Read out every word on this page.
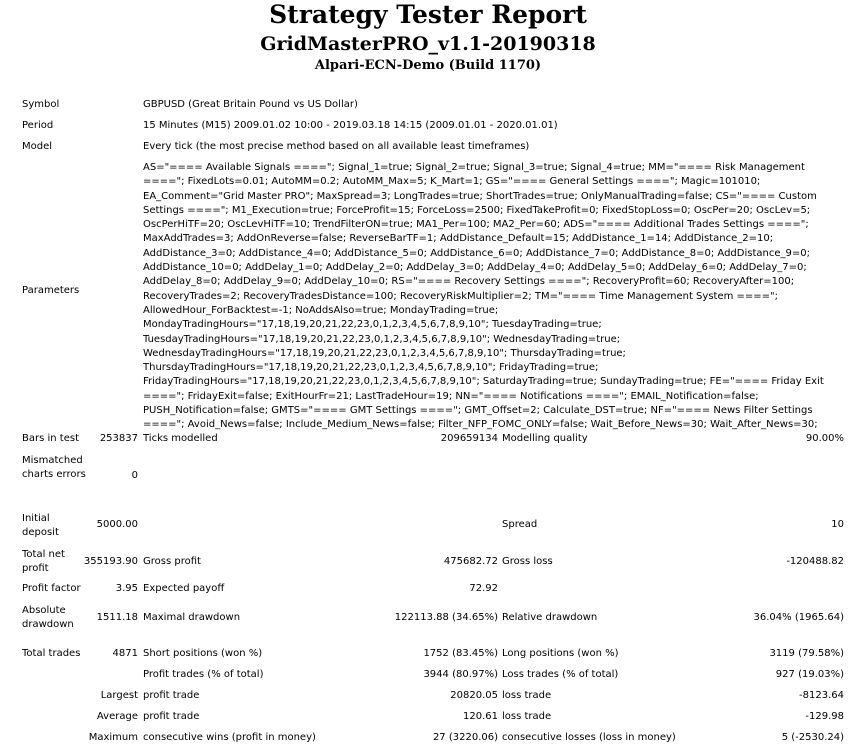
Strategy Tester Report
GridMasterPRO_v1.1-20190318
Alpari-ECN-Demo (Build 1170)
Symbol	GBPUSD (Great Britain Pound vs US Dollar)
Period	15 Minutes (M15) 2009.01.02 10:00 - 2019.03.18 14:15 (2009.01.01 - 2020.01.01)
Model	Every tick (the most precise method based on all available least timeframes)
Parameters
AS="==== Available Signals ===="; Signal_1=true; Signal_2=true; Signal_3=true; Signal_4=true; MM="==== Risk Management ===="; FixedLots=0.01; AutoMM=0.2; AutoMM_Max=5; K_Mart=1; GS="==== General Settings ===="; Magic=101010; EA_Comment="Grid Master PRO"; MaxSpread=3; LongTrades=true; ShortTrades=true; OnlyManualTrading=false; CS="==== Custom Settings ===="; M1_Execution=true; ForceProfit=15; ForceLoss=2500; FixedTakeProfit=0; FixedStopLoss=0; OscPer=20; OscLev=5; OscPerHiTF=20; OscLevHiTF=10; TrendFilterON=true; MA1_Per=100; MA2_Per=60; ADS="==== Additional Trades Settings ===="; MaxAddTrades=3; AddOnReverse=false; ReverseBarTF=1; AddDistance_Default=15; AddDistance_1=14; AddDistance_2=10; AddDistance_3=0; AddDistance_4=0; AddDistance_5=0; AddDistance_6=0; AddDistance_7=0; AddDistance_8=0; AddDistance_9=0; AddDistance_10=0; AddDelay_1=0; AddDelay_2=0; AddDelay_3=0; AddDelay_4=0; AddDelay_5=0; AddDelay_6=0; AddDelay_7=0; AddDelay_8=0; AddDelay_9=0; AddDelay_10=0; RS="==== Recovery Settings ===="; RecoveryProfit=60; RecoveryAfter=100; RecoveryTrades=2; RecoveryTradesDistance=100; RecoveryRiskMultiplier=2; TM="==== Time Management System ===="; AllowedHour_ForBacktest=-1; NoAddsAlso=true; MondayTrading=true; MondayTradingHours="17,18,19,20,21,22,23,0,1,2,3,4,5,6,7,8,9,10"; TuesdayTrading=true; TuesdayTradingHours="17,18,19,20,21,22,23,0,1,2,3,4,5,6,7,8,9,10"; WednesdayTrading=true; WednesdayTradingHours="17,18,19,20,21,22,23,0,1,2,3,4,5,6,7,8,9,10"; ThursdayTrading=true; ThursdayTradingHours="17,18,19,20,21,22,23,0,1,2,3,4,5,6,7,8,9,10"; FridayTrading=true; FridayTradingHours="17,18,19,20,21,22,23,0,1,2,3,4,5,6,7,8,9,10"; SaturdayTrading=true; SundayTrading=true; FE="==== Friday Exit ===="; FridayExit=false; ExitHourFr=21; LastTradeHour=19; NN="==== Notifications ===="; EMAIL_Notification=false; PUSH_Notification=false; GMTS="==== GMT Settings ===="; GMT_Offset=2; Calculate_DST=true; NF="==== News Filter Settings ===="; Avoid_News=false; Include_Medium_News=false; Filter_NFP_FOMC_ONLY=false; Wait_Before_News=30; Wait_After_News=30;
Bars in test 253837 Ticks modelled	209659134 Modelling quality	90.00%
Mismatched charts errors	0
Initial deposit
5000.00	Spread	10
Total net profit
355193.90 Gross profit	475682.72 Gross loss	-120488.82
Profit factor	3.95 Expected payoff	72.92
Absolute drawdown
1511.18 Maximal drawdown	122113.88 (34.65%) Relative drawdown	36.04% (1965.64)
Total trades	4871 Short positions (won %)	1752 (83.45%) Long positions (won %)	3119 (79.58%)
Profit trades (% of total)	3944 (80.97%) Loss trades (% of total)	927 (19.03%)
Largest profit trade	20820.05 loss trade	-8123.64
Average profit trade	120.61 loss trade	-129.98
Maximum consecutive wins (profit in money)	27 (3220.06) consecutive losses (loss in money)	5 (-2530.24)
